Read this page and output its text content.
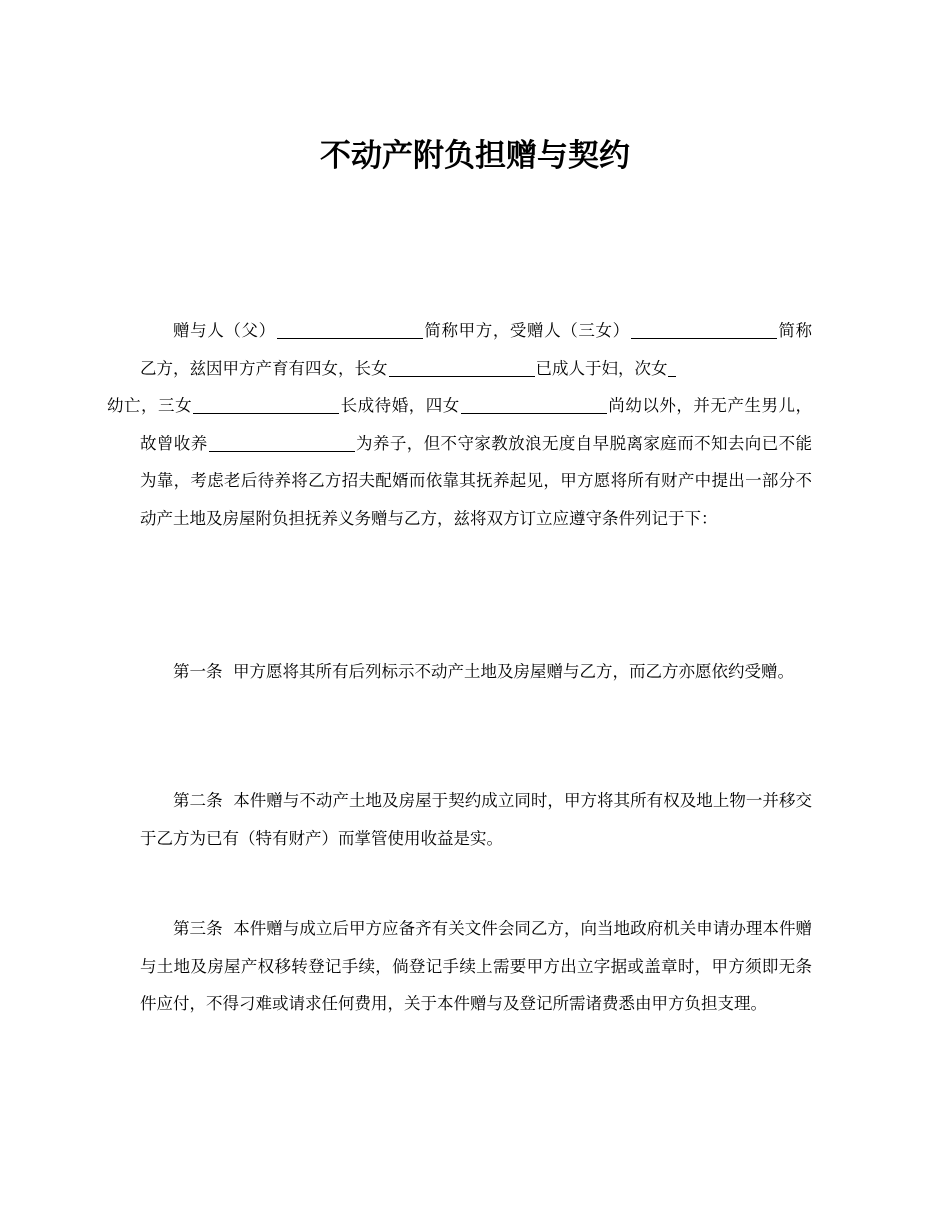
不动产附负担赠与契约

赠与人（父）	简称甲方，受赠人（三女）	简称乙方，兹因甲方产育有四女，长女	已成人于妇，次女
幼亡，三女	长成待婚，四女	尚幼以外，并无产生男儿，故曾收养	为养子，但不守家教放浪无度自早脱离家庭而不知去向已不能为靠，考虑老后待养将乙方招夫配婿而依靠其抚养起见，甲方愿将所有财产中提出一部分不动产土地及房屋附负担抚养义务赠与乙方，兹将双方订立应遵守条件列记于下：

第一条 甲方愿将其所有后列标示不动产土地及房屋赠与乙方，而乙方亦愿依约受赠。

第二条 本件赠与不动产土地及房屋于契约成立同时，甲方将其所有权及地上物一并移交于乙方为已有（特有财产）而掌管使用收益是实。

第三条 本件赠与成立后甲方应备齐有关文件会同乙方，向当地政府机关申请办理本件赠与土地及房屋产权移转登记手续，倘登记手续上需要甲方出立字据或盖章时，甲方须即无条件应付，不得刁难或请求任何费用，关于本件赠与及登记所需诸费悉由甲方负担支理。
